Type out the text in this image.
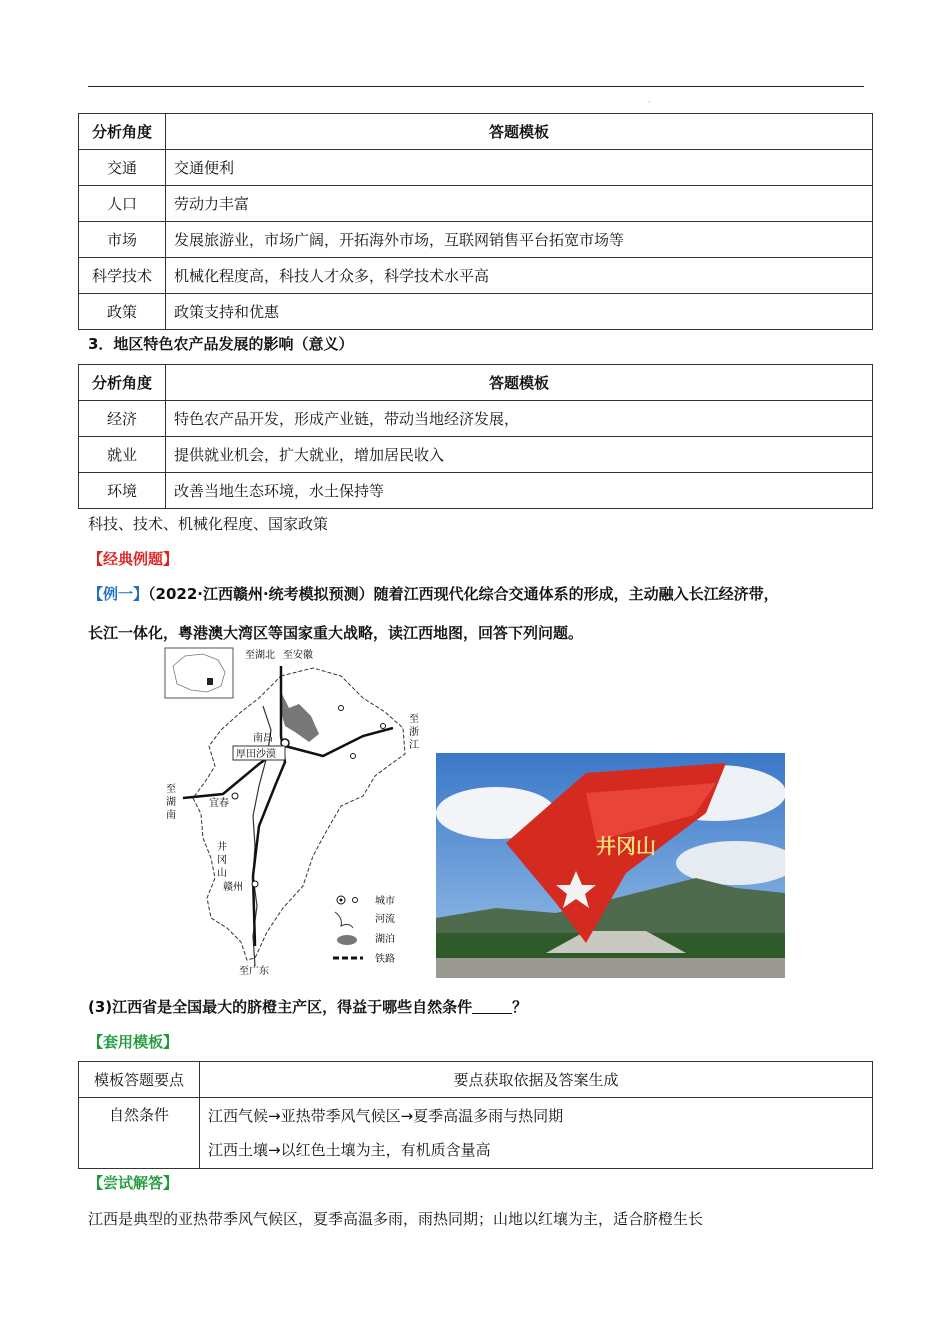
·
分析角度	答题模板
交通	交通便利
人口	劳动力丰富
市场	发展旅游业，市场广阔，开拓海外市场，互联网销售平台拓宽市场等
科学技术	机械化程度高，科技人才众多，科学技术水平高
政策	政策支持和优惠
3．地区特色农产品发展的影响（意义）
分析角度	答题模板
经济	特色农产品开发，形成产业链，带动当地经济发展，
就业	提供就业机会，扩大就业，增加居民收入
环境	改善当地生态环境，水土保持等
科技、技术、机械化程度、国家政策
【经典例题】
【例一】（2022·江西赣州·统考模拟预测）随着江西现代化综合交通体系的形成，主动融入长江经济带，
长江一体化，粤港澳大湾区等国家重大战略，读江西地图，回答下列问题。
至湖北 至安徽
至
浙
江
南昌
厚田沙漠
至
湖
南
宜春
井
冈
山
赣州
至广东
城市
河流
湖泊
铁路
井冈山
(3)江西省是全国最大的脐橙主产区，得益于哪些自然条件	？
【套用模板】
模板答题要点	要点获取依据及答案生成
自然条件	江西气候→亚热带季风气候区→夏季高温多雨与热同期
江西土壤→以红色土壤为主，有机质含量高
【尝试解答】
江西是典型的亚热带季风气候区，夏季高温多雨，雨热同期；山地以红壤为主，适合脐橙生长
